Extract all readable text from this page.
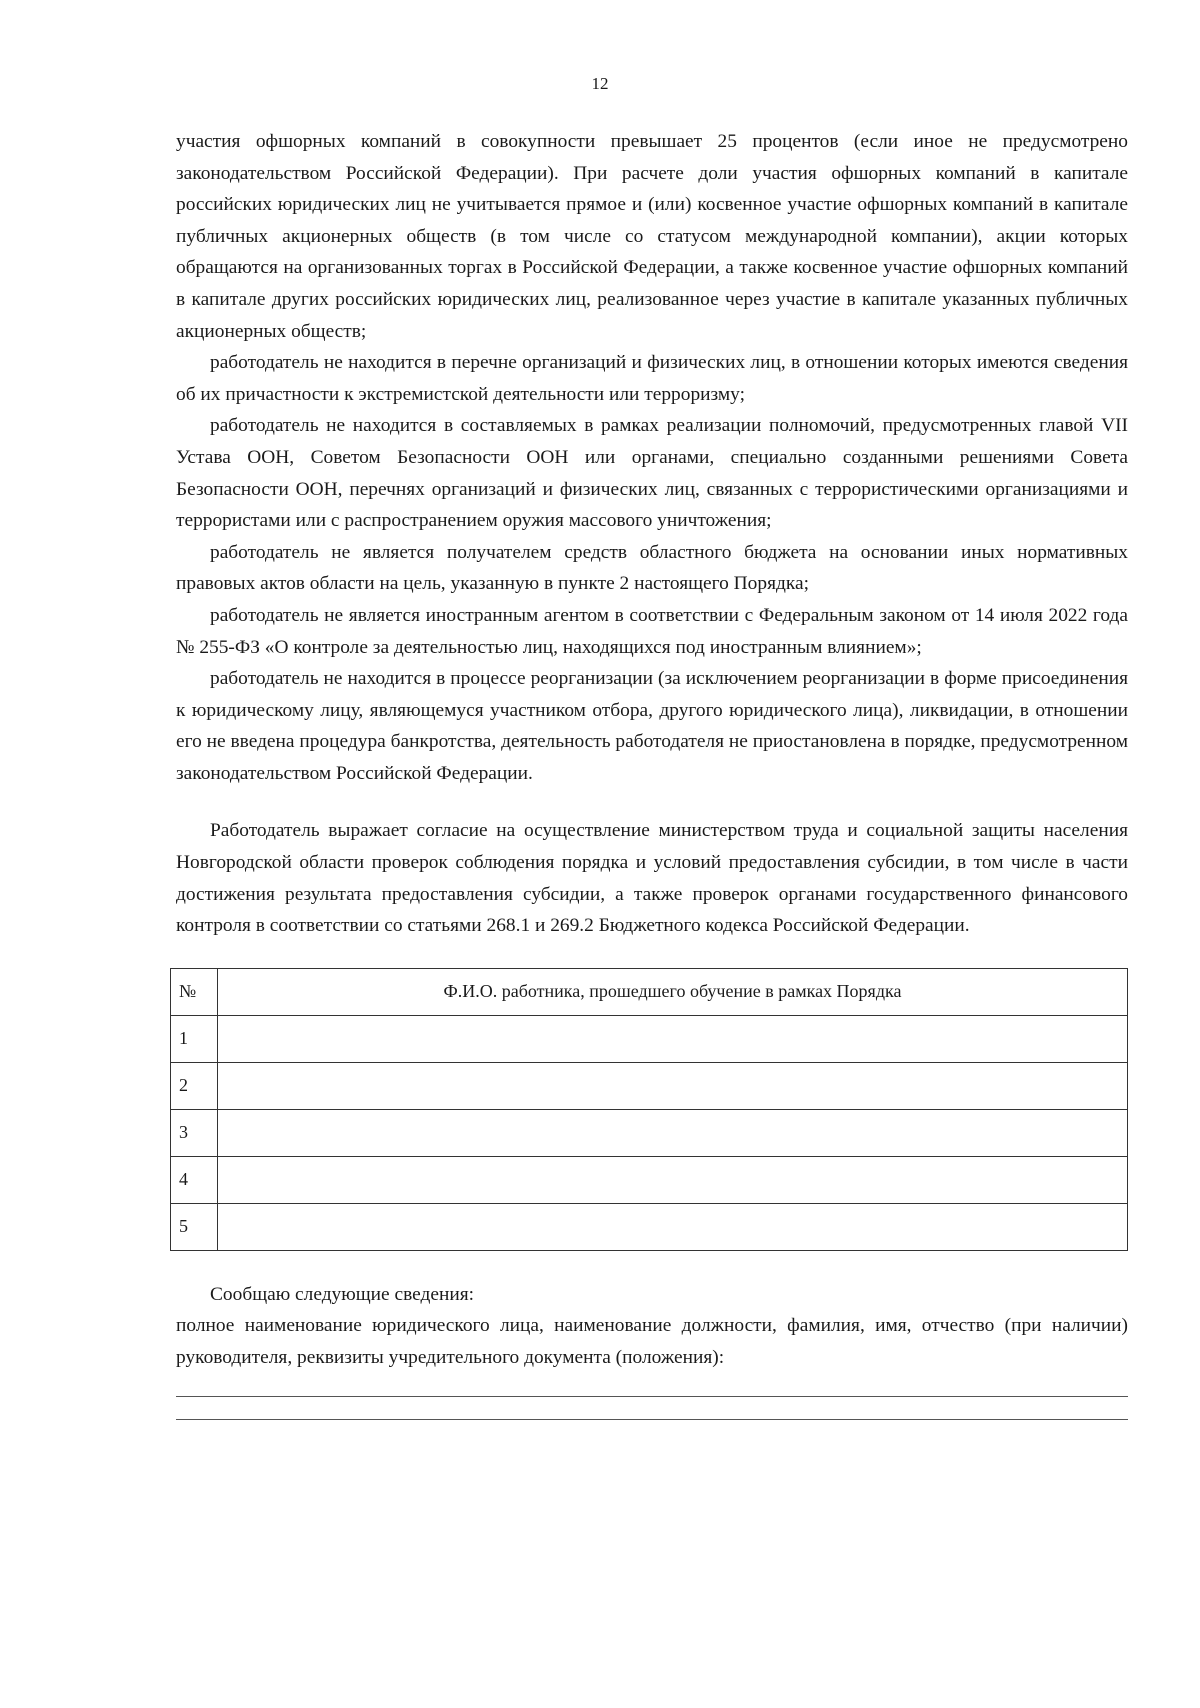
12

участия офшорных компаний в совокупности превышает 25 процентов (если иное не предусмотрено законодательством Российской Федерации). При расчете доли участия офшорных компаний в капитале российских юридических лиц не учитывается прямое и (или) косвенное участие офшорных компаний в капитале публичных акционерных обществ (в том числе со статусом международной компании), акции которых обращаются на организованных торгах в Российской Федерации, а также косвенное участие офшорных компаний в капитале других российских юридических лиц, реализованное через участие в капитале указанных публичных акционерных обществ;

работодатель не находится в перечне организаций и физических лиц, в отношении которых имеются сведения об их причастности к экстремистской деятельности или терроризму;

работодатель не находится в составляемых в рамках реализации полномочий, предусмотренных главой VII Устава ООН, Советом Безопасности ООН или органами, специально созданными решениями Совета Безопасности ООН, перечнях организаций и физических лиц, связанных с террористическими организациями и террористами или с распространением оружия массового уничтожения;

работодатель не является получателем средств областного бюджета на основании иных нормативных правовых актов области на цель, указанную в пункте 2 настоящего Порядка;

работодатель не является иностранным агентом в соответствии с Федеральным законом от 14 июля 2022 года № 255-ФЗ «О контроле за деятельностью лиц, находящихся под иностранным влиянием»;

работодатель не находится в процессе реорганизации (за исключением реорганизации в форме присоединения к юридическому лицу, являющемуся участником отбора, другого юридического лица), ликвидации, в отношении его не введена процедура банкротства, деятельность работодателя не приостановлена в порядке, предусмотренном законодательством Российской Федерации.

Работодатель выражает согласие на осуществление министерством труда и социальной защиты населения Новгородской области проверок соблюдения порядка и условий предоставления субсидии, в том числе в части достижения результата предоставления субсидии, а также проверок органами государственного финансового контроля в соответствии со статьями 268.1 и 269.2 Бюджетного кодекса Российской Федерации.

№	Ф.И.О. работника, прошедшего обучение в рамках Порядка
1	
2	
3	
4	
5	

Сообщаю следующие сведения:

полное наименование юридического лица, наименование должности, фамилия, имя, отчество (при наличии) руководителя, реквизиты учредительного документа (положения):
